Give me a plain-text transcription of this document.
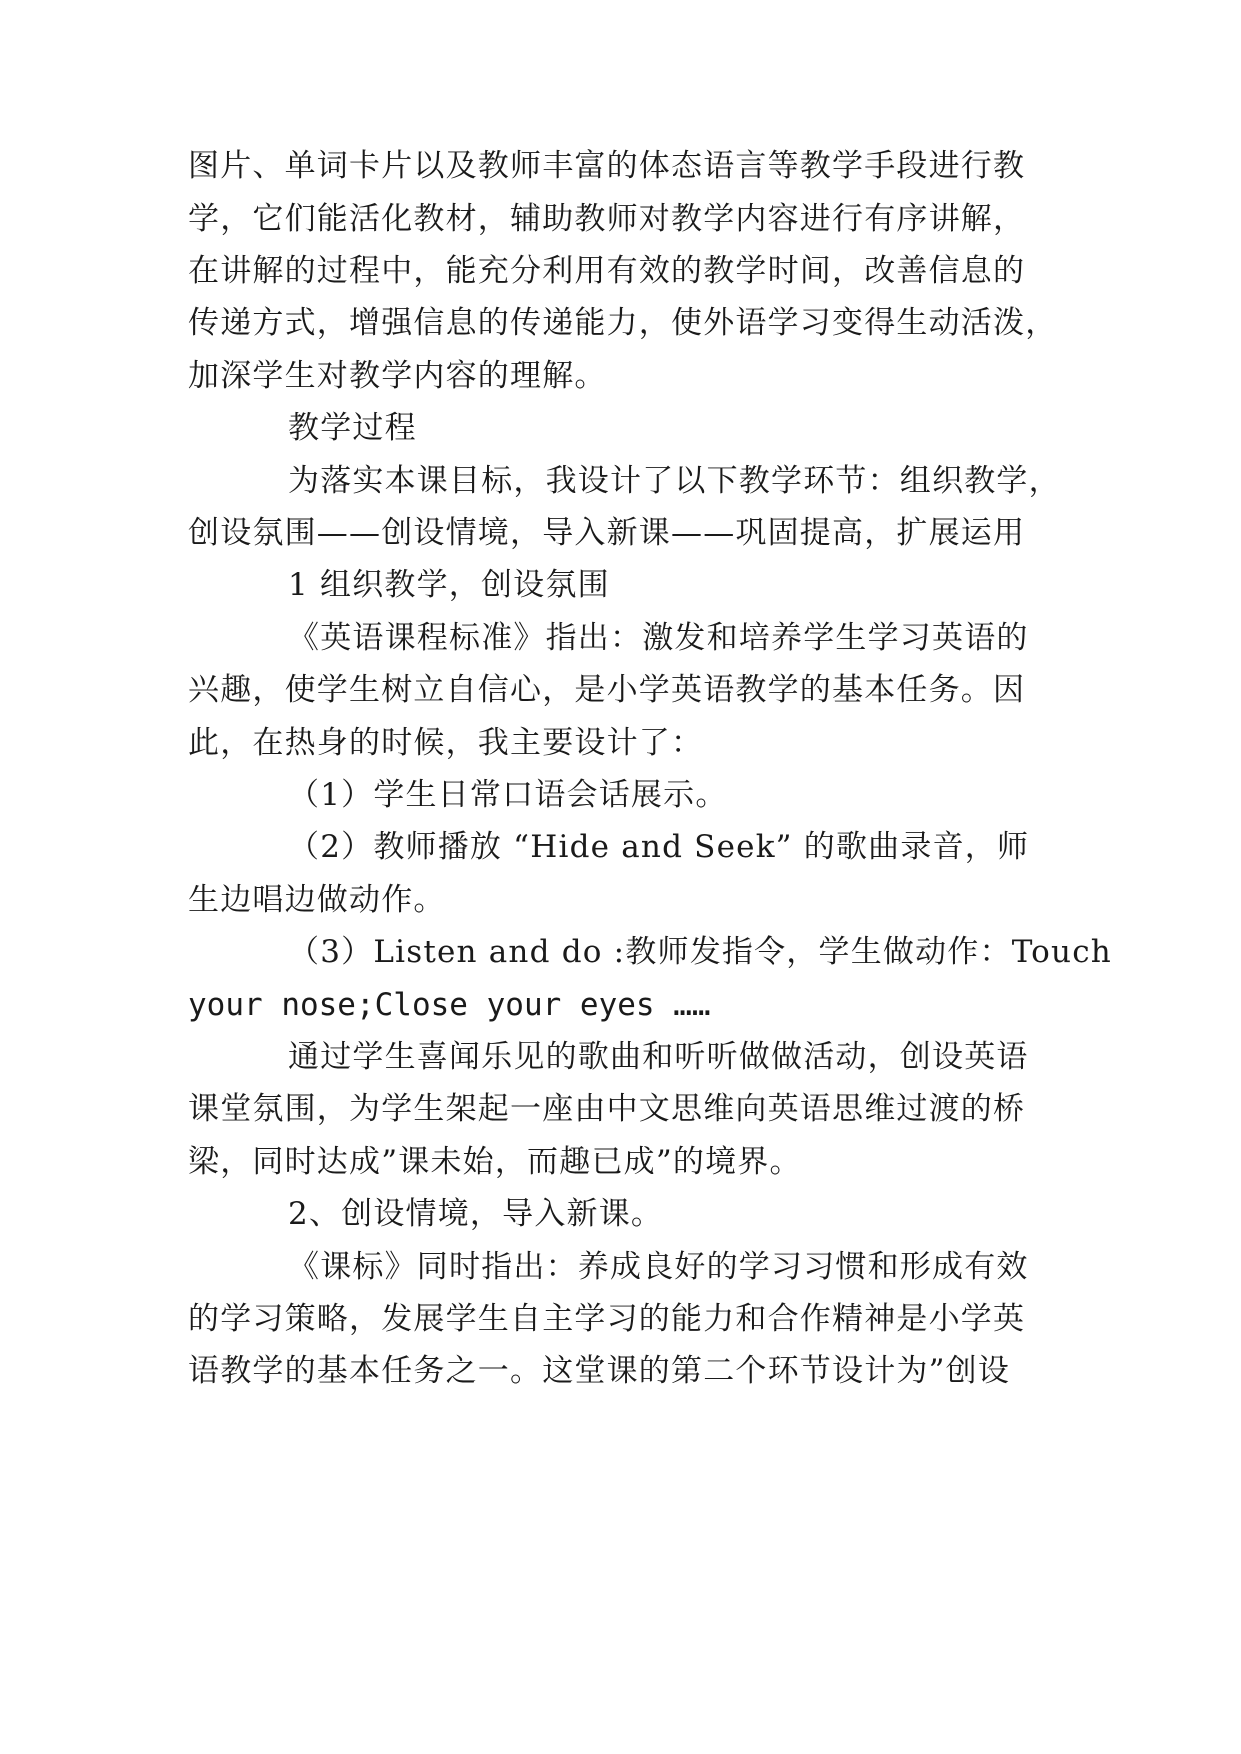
图片、单词卡片以及教师丰富的体态语言等教学手段进行教
学，它们能活化教材，辅助教师对教学内容进行有序讲解，
在讲解的过程中，能充分利用有效的教学时间，改善信息的
传递方式，增强信息的传递能力，使外语学习变得生动活泼，
加深学生对教学内容的理解。
教学过程
为落实本课目标，我设计了以下教学环节：组织教学，
创设氛围——创设情境，导入新课——巩固提高，扩展运用
1 组织教学，创设氛围
《英语课程标准》指出：激发和培养学生学习英语的
兴趣，使学生树立自信心，是小学英语教学的基本任务。因
此，在热身的时候，我主要设计了：
（1）学生日常口语会话展示。
（2）教师播放 “Hide and Seek” 的歌曲录音，师
生边唱边做动作。
（3）Listen and do :教师发指令，学生做动作：Touch
your nose;Close your eyes ……
通过学生喜闻乐见的歌曲和听听做做活动，创设英语
课堂氛围，为学生架起一座由中文思维向英语思维过渡的桥
梁，同时达成”课未始，而趣已成”的境界。
2、创设情境，导入新课。
《课标》同时指出：养成良好的学习习惯和形成有效
的学习策略，发展学生自主学习的能力和合作精神是小学英
语教学的基本任务之一。这堂课的第二个环节设计为”创设
